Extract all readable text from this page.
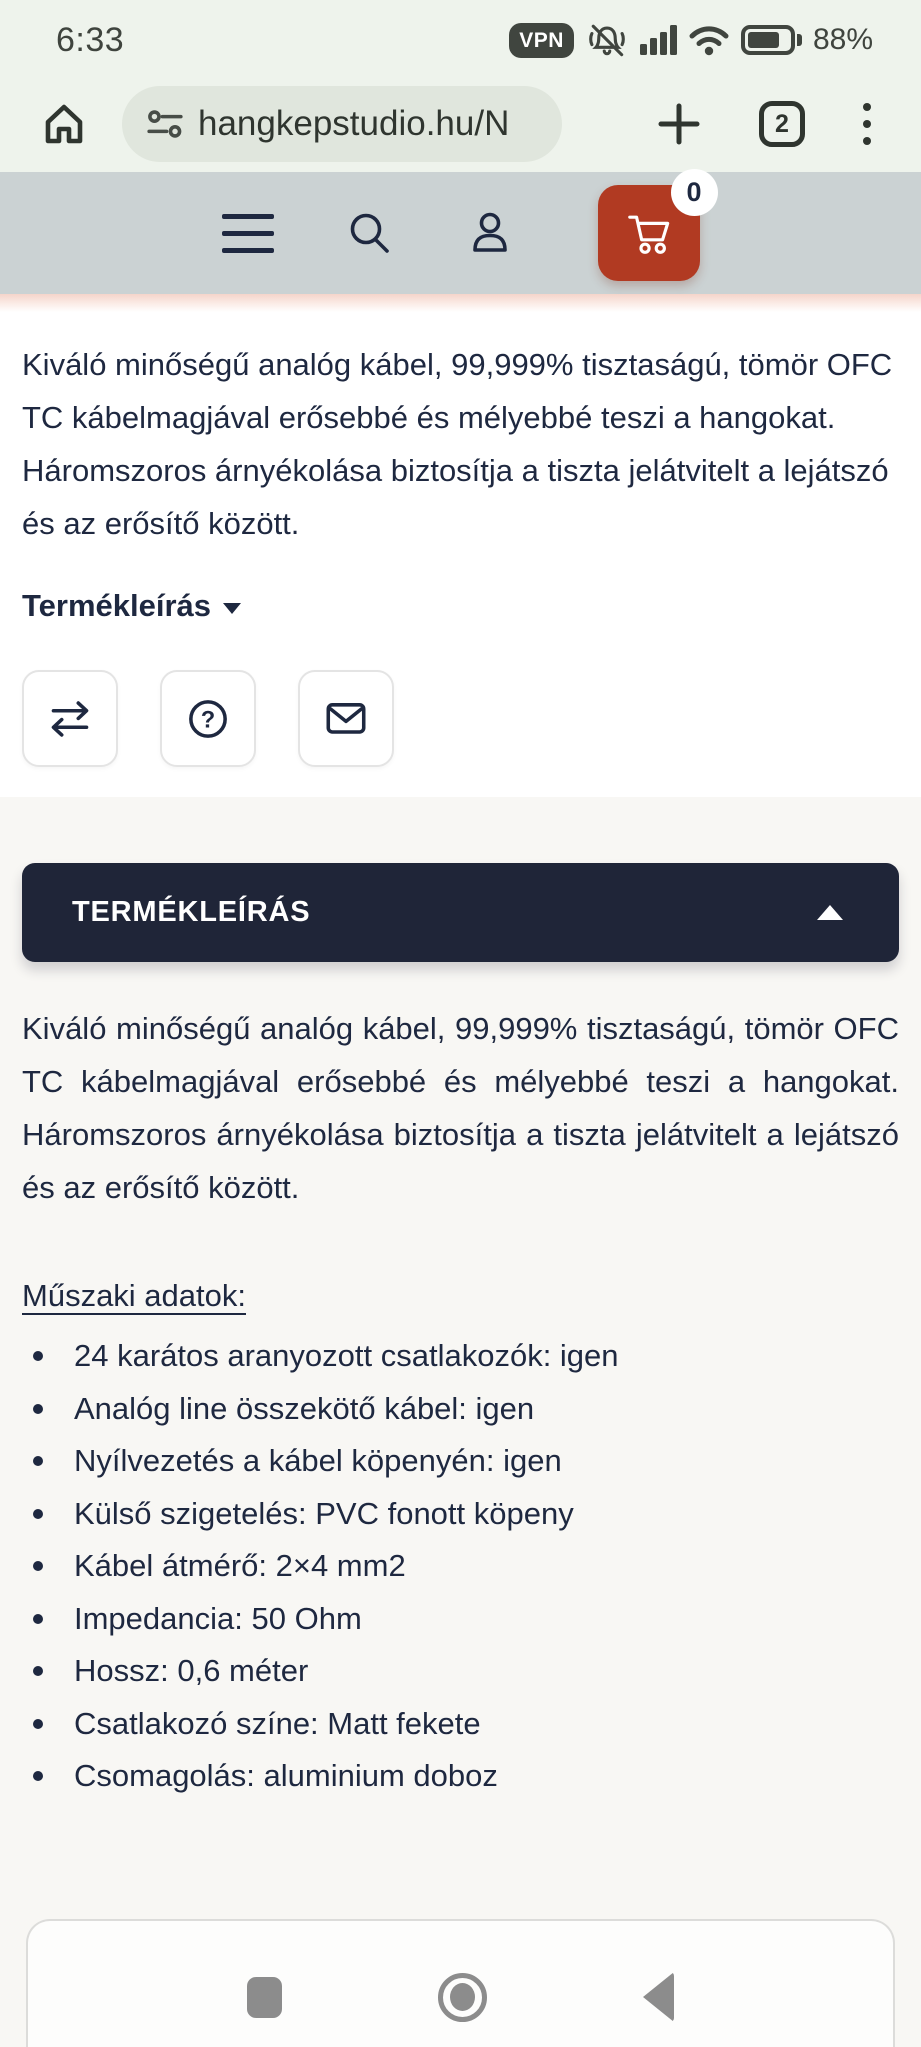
6:33	VPN	88%
hangkepstudio.hu/N	2
0

Kiváló minőségű analóg kábel, 99,999% tisztaságú, tömör OFC TC kábelmagjával erősebbé és mélyebbé teszi a hangokat. Háromszoros árnyékolása biztosítja a tiszta jelátvitelt a lejátszó és az erősítő között.

Termékleírás
?
TERMÉKLEÍRÁS

Kiváló minőségű analóg kábel, 99,999% tisztaságú, tömör OFC TC kábelmagjával erősebbé és mélyebbé teszi a hangokat. Háromszoros árnyékolása biztosítja a tiszta jelátvitelt a lejátszó és az erősítő között.

Műszaki adatok:
24 karátos aranyozott csatlakozók: igen
Analóg line összekötő kábel: igen
Nyílvezetés a kábel köpenyén: igen
Külső szigetelés: PVC fonott köpeny
Kábel átmérő: 2×4 mm2
Impedancia: 50 Ohm
Hossz: 0,6 méter
Csatlakozó színe: Matt fekete
Csomagolás: aluminium doboz
